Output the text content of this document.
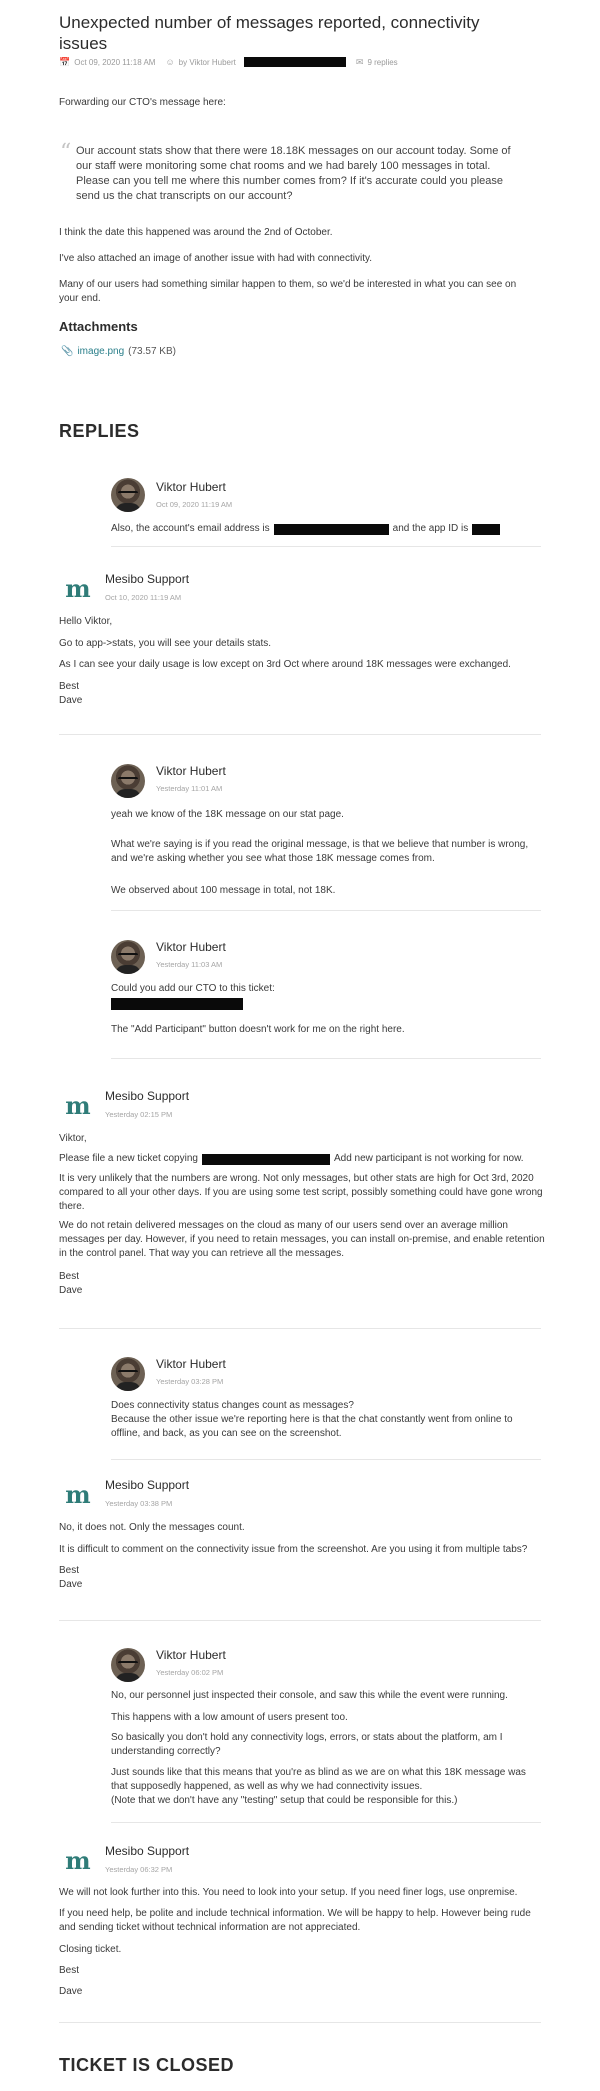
Unexpected number of messages reported, connectivity issues
📅 Oct 09, 2020 11:18 AM ☺ by Viktor Hubert	✉ 9 replies

Forwarding our CTO's message here:

“ Our account stats show that there were 18.18K messages on our account today. Some of our staff were monitoring some chat rooms and we had barely 100 messages in total. Please can you tell me where this number comes from? If it's accurate could you please send us the chat transcripts on our account?

I think the date this happened was around the 2nd of October.

I've also attached an image of another issue with had with connectivity.

Many of our users had something similar happen to them, so we'd be interested in what you can see on your end.

Attachments
📎 image.png (73.57 KB)
REPLIES
Viktor Hubert
Oct 09, 2020 11:19 AM
Also, the account's email address is	and the app ID is
m Mesibo Support
Oct 10, 2020 11:19 AM

Hello Viktor,

Go to app->stats, you will see your details stats.

As I can see your daily usage is low except on 3rd Oct where around 18K messages were exchanged.

Best

Dave

Viktor Hubert
Yesterday 11:01 AM

yeah we know of the 18K message on our stat page.

What we're saying is if you read the original message, is that we believe that number is wrong, and we're asking whether you see what those 18K message comes from.

We observed about 100 message in total, not 18K.

Viktor Hubert
Yesterday 11:03 AM

Could you add our CTO to this ticket:

The "Add Participant" button doesn't work for me on the right here.

m Mesibo Support
Yesterday 02:15 PM

Viktor,

Please file a new ticket copying	Add new participant is not working for now.

It is very unlikely that the numbers are wrong. Not only messages, but other stats are high for Oct 3rd, 2020 compared to all your other days. If you are using some test script, possibly something could have gone wrong there.

We do not retain delivered messages on the cloud as many of our users send over an average million messages per day. However, if you need to retain messages, you can install on-premise, and enable retention in the control panel. That way you can retrieve all the messages.

Best

Dave

Viktor Hubert
Yesterday 03:28 PM

Does connectivity status changes count as messages?

Because the other issue we're reporting here is that the chat constantly went from online to offline, and back, as you can see on the screenshot.

m Mesibo Support
Yesterday 03:38 PM

No, it does not. Only the messages count.

It is difficult to comment on the connectivity issue from the screenshot. Are you using it from multiple tabs?

Best

Dave

Viktor Hubert
Yesterday 06:02 PM

No, our personnel just inspected their console, and saw this while the event were running.

This happens with a low amount of users present too.

So basically you don't hold any connectivity logs, errors, or stats about the platform, am I understanding correctly?

Just sounds like that this means that you're as blind as we are on what this 18K message was that supposedly happened, as well as why we had connectivity issues.

(Note that we don't have any "testing" setup that could be responsible for this.)

m Mesibo Support
Yesterday 06:32 PM

We will not look further into this. You need to look into your setup. If you need finer logs, use onpremise.

If you need help, be polite and include technical information. We will be happy to help. However being rude and sending ticket without technical information are not appreciated.

Closing ticket.

Best

Dave

TICKET IS CLOSED
